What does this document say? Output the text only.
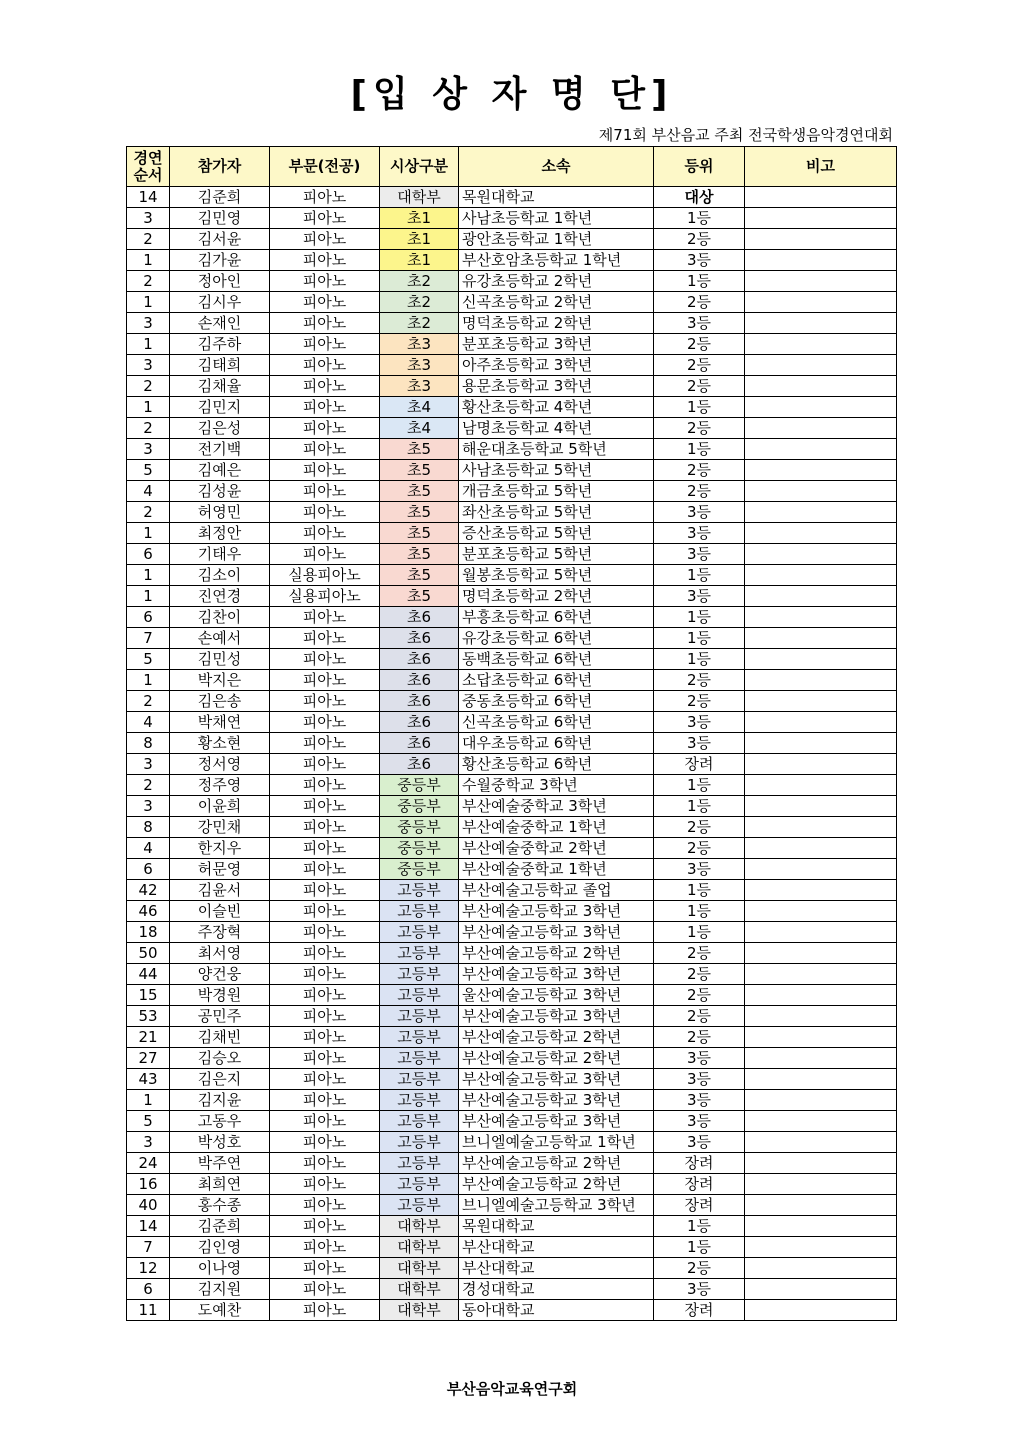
[입 상 자 명 단]
제71회 부산음교 주최 전국학생음악경연대회
경연
순서	참가자	부문(전공)	시상구분	소속	등위	비고
14	김준희	피아노	대학부	목원대학교	대상	
3	김민영	피아노	초1	사남초등학교 1학년	1등	
2	김서윤	피아노	초1	광안초등학교 1학년	2등	
1	김가윤	피아노	초1	부산호암초등학교 1학년	3등	
2	정아인	피아노	초2	유강초등학교 2학년	1등	
1	김시우	피아노	초2	신곡초등학교 2학년	2등	
3	손재인	피아노	초2	명덕초등학교 2학년	3등	
1	김주하	피아노	초3	분포초등학교 3학년	2등	
3	김태희	피아노	초3	아주초등학교 3학년	2등	
2	김채율	피아노	초3	용문초등학교 3학년	2등	
1	김민지	피아노	초4	황산초등학교 4학년	1등	
2	김은성	피아노	초4	남명초등학교 4학년	2등	
3	전기백	피아노	초5	해운대초등학교 5학년	1등	
5	김예은	피아노	초5	사남초등학교 5학년	2등	
4	김성윤	피아노	초5	개금초등학교 5학년	2등	
2	허영민	피아노	초5	좌산초등학교 5학년	3등	
1	최정안	피아노	초5	증산초등학교 5학년	3등	
6	기태우	피아노	초5	분포초등학교 5학년	3등	
1	김소이	실용피아노	초5	월봉초등학교 5학년	1등	
1	진연경	실용피아노	초5	명덕초등학교 2학년	3등	
6	김찬이	피아노	초6	부흥초등학교 6학년	1등	
7	손예서	피아노	초6	유강초등학교 6학년	1등	
5	김민성	피아노	초6	동백초등학교 6학년	1등	
1	박지은	피아노	초6	소답초등학교 6학년	2등	
2	김은송	피아노	초6	중동초등학교 6학년	2등	
4	박채연	피아노	초6	신곡초등학교 6학년	3등	
8	황소현	피아노	초6	대우초등학교 6학년	3등	
3	정서영	피아노	초6	황산초등학교 6학년	장려	
2	정주영	피아노	중등부	수월중학교 3학년	1등	
3	이윤희	피아노	중등부	부산예술중학교 3학년	1등	
8	강민채	피아노	중등부	부산예술중학교 1학년	2등	
4	한지우	피아노	중등부	부산예술중학교 2학년	2등	
6	허문영	피아노	중등부	부산예술중학교 1학년	3등	
42	김윤서	피아노	고등부	부산예술고등학교 졸업	1등	
46	이슬빈	피아노	고등부	부산예술고등학교 3학년	1등	
18	주장혁	피아노	고등부	부산예술고등학교 3학년	1등	
50	최서영	피아노	고등부	부산예술고등학교 2학년	2등	
44	양건웅	피아노	고등부	부산예술고등학교 3학년	2등	
15	박경원	피아노	고등부	울산예술고등학교 3학년	2등	
53	공민주	피아노	고등부	부산예술고등학교 3학년	2등	
21	김채빈	피아노	고등부	부산예술고등학교 2학년	2등	
27	김승오	피아노	고등부	부산예술고등학교 2학년	3등	
43	김은지	피아노	고등부	부산예술고등학교 3학년	3등	
1	김지윤	피아노	고등부	부산예술고등학교 3학년	3등	
5	고동우	피아노	고등부	부산예술고등학교 3학년	3등	
3	박성호	피아노	고등부	브니엘예술고등학교 1학년	3등	
24	박주연	피아노	고등부	부산예술고등학교 2학년	장려	
16	최희연	피아노	고등부	부산예술고등학교 2학년	장려	
40	홍수종	피아노	고등부	브니엘예술고등학교 3학년	장려	
14	김준희	피아노	대학부	목원대학교	1등	
7	김인영	피아노	대학부	부산대학교	1등	
12	이나영	피아노	대학부	부산대학교	2등	
6	김지원	피아노	대학부	경성대학교	3등	
11	도예찬	피아노	대학부	동아대학교	장려	
부산음악교육연구회
